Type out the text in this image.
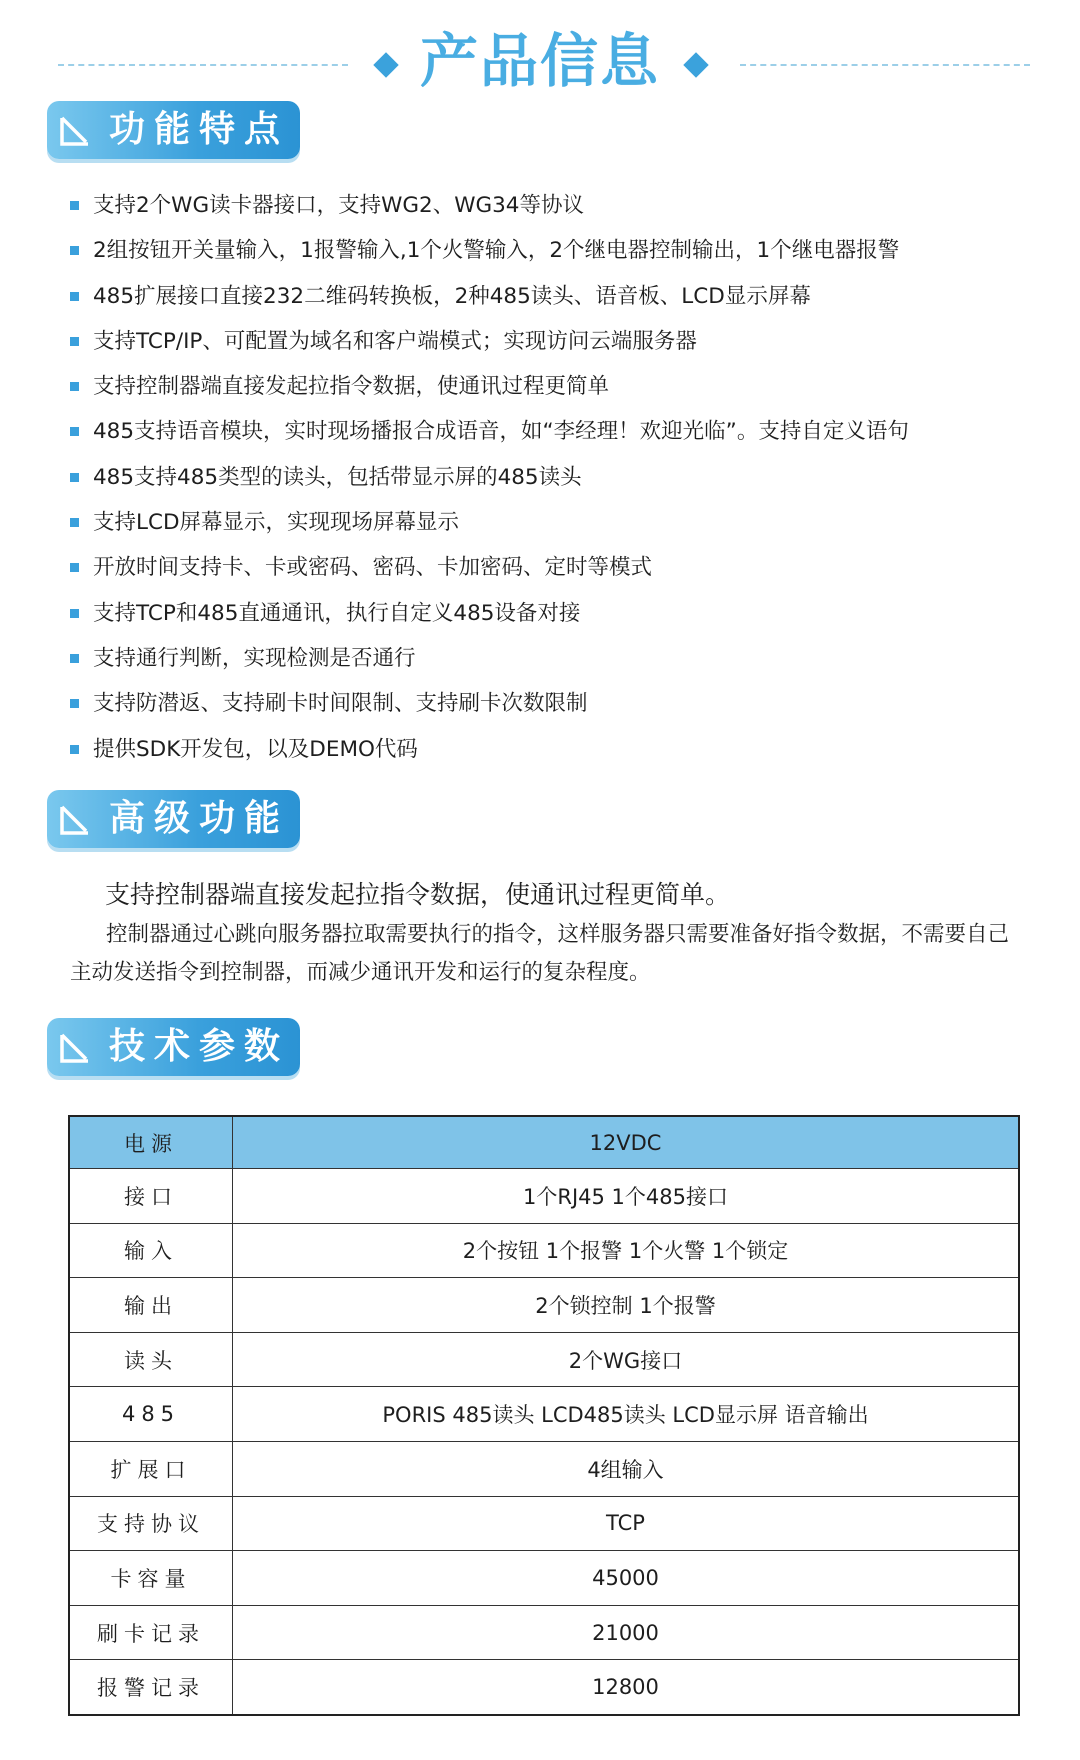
产品信息
功能特点
支持2个WG读卡器接口，支持WG2、WG34等协议
2组按钮开关量输入，1报警输入,1个火警输入，2个继电器控制输出，1个继电器报警
485扩展接口直接232二维码转换板，2种485读头、语音板、LCD显示屏幕
支持TCP/IP、可配置为域名和客户端模式；实现访问云端服务器
支持控制器端直接发起拉指令数据，使通讯过程更简单
485支持语音模块，实时现场播报合成语音，如“李经理！欢迎光临”。支持自定义语句
485支持485类型的读头，包括带显示屏的485读头
支持LCD屏幕显示，实现现场屏幕显示
开放时间支持卡、卡或密码、密码、卡加密码、定时等模式
支持TCP和485直通通讯，执行自定义485设备对接
支持通行判断，实现检测是否通行
支持防潜返、支持刷卡时间限制、支持刷卡次数限制
提供SDK开发包，以及DEMO代码
高级功能
支持控制器端直接发起拉指令数据，使通讯过程更简单。

控制器通过心跳向服务器拉取需要执行的指令，这样服务器只需要准备好指令数据，不需要自己主动发送指令到控制器，而减少通讯开发和运行的复杂程度。

技术参数
电源	12VDC
接口	1个RJ45 1个485接口
输入	2个按钮 1个报警 1个火警 1个锁定
输出	2个锁控制 1个报警
读头	2个WG接口
485	PORIS 485读头 LCD485读头 LCD显示屏 语音输出
扩展口	4组输入
支持协议	TCP
卡容量	45000
刷卡记录	21000
报警记录	12800
